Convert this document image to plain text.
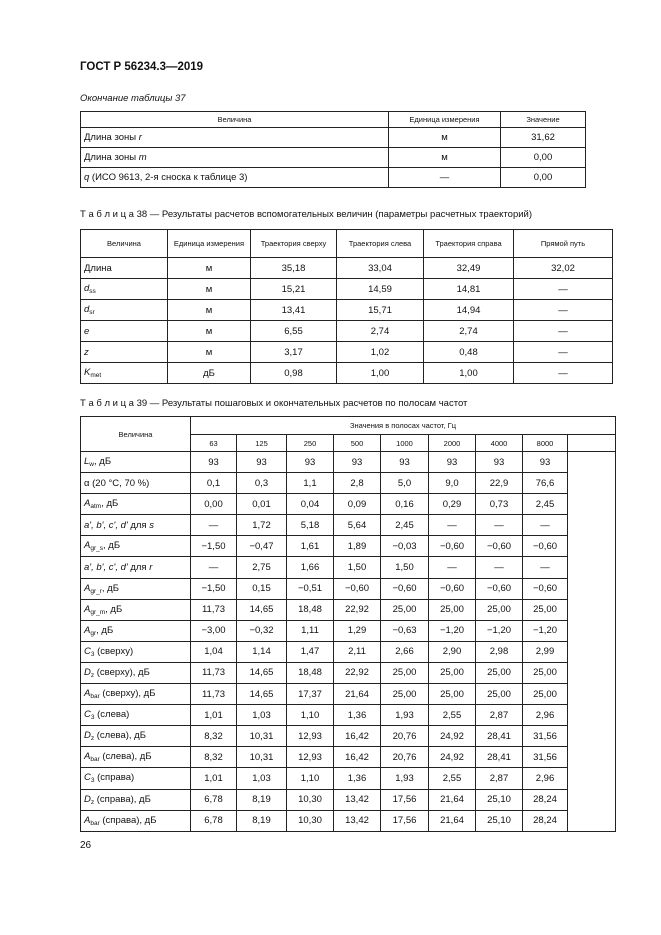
ГОСТ Р 56234.3—2019
Окончание таблицы 37
Величина	Единица измерения	Значение
Длина зоны r	м	31,62
Длина зоны m	м	0,00
q (ИСО 9613, 2-я сноска к таблице 3)	—	0,00
Т а б л и ц а 38 — Результаты расчетов вспомогательных величин (параметры расчетных траекторий)
Величина	Единица измерения	Траектория сверху	Траектория слева	Траектория справа	Прямой путь
Длина	м	35,18	33,04	32,49	32,02
$d_{ss}$	м	15,21	14,59	14,81	—
$d_{sr}$	м	13,41	15,71	14,94	—
e	м	6,55	2,74	2,74	—
z	м	3,17	1,02	0,48	—
$K_{met}$	дБ	0,98	1,00	1,00	—
Т а б л и ц а 39 — Результаты пошаговых и окончательных расчетов по полосам частот
Величина	Значения в полосах частот, Гц								
	63	125	250	500	1000	2000	4000	8000	
$L_w$, дБ	93	93	93	93	93	93	93	93	
α (20 °C, 70 %)	0,1	0,3	1,1	2,8	5,0	9,0	22,9	76,6	
$A_{atm}$, дБ	0,00	0,01	0,04	0,09	0,16	0,29	0,73	2,45	
a', b', c', d' для s	—	1,72	5,18	5,64	2,45	—	—	—	
$A_{gr\_s}$, дБ	−1,50	−0,47	1,61	1,89	−0,03	−0,60	−0,60	−0,60	
a', b', c', d' для r	—	2,75	1,66	1,50	1,50	—	—	—	
$A_{gr\_r}$, дБ	−1,50	0,15	−0,51	−0,60	−0,60	−0,60	−0,60	−0,60	
$A_{gr\_m}$, дБ	11,73	14,65	18,48	22,92	25,00	25,00	25,00	25,00	
$A_{gr}$, дБ	−3,00	−0,32	1,11	1,29	−0,63	−1,20	−1,20	−1,20	
$C_3$ (сверху)	1,04	1,14	1,47	2,11	2,66	2,90	2,98	2,99	
$D_z$ (сверху), дБ	11,73	14,65	18,48	22,92	25,00	25,00	25,00	25,00	
$A_{bar}$ (сверху), дБ	11,73	14,65	17,37	21,64	25,00	25,00	25,00	25,00	
$C_3$ (слева)	1,01	1,03	1,10	1,36	1,93	2,55	2,87	2,96	
$D_z$ (слева), дБ	8,32	10,31	12,93	16,42	20,76	24,92	28,41	31,56	
$A_{bar}$ (слева), дБ	8,32	10,31	12,93	16,42	20,76	24,92	28,41	31,56	
$C_3$ (справа)	1,01	1,03	1,10	1,36	1,93	2,55	2,87	2,96	
$D_z$ (справа), дБ	6,78	8,19	10,30	13,42	17,56	21,64	25,10	28,24	
$A_{bar}$ (справа), дБ	6,78	8,19	10,30	13,42	17,56	21,64	25,10	28,24	
26
